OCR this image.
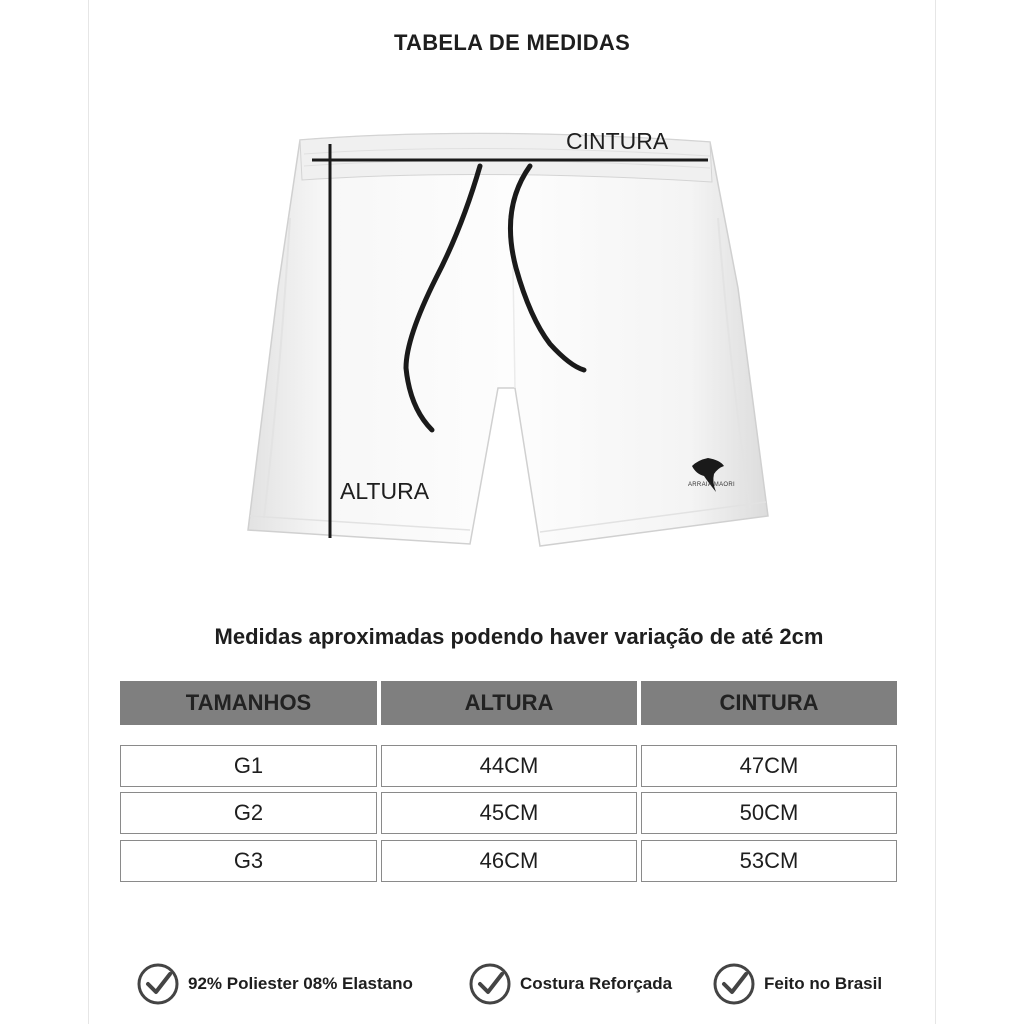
TABELA DE MEDIDAS
CINTURA
ALTURA	ARRAIA MAORI
Medidas aproximadas podendo haver variação de até 2cm
TAMANHOS	ALTURA	CINTURA
G1	44CM	47CM
G2	45CM	50CM
G3	46CM	53CM
92% Poliester 08% Elastano	Costura Reforçada	Feito no Brasil
